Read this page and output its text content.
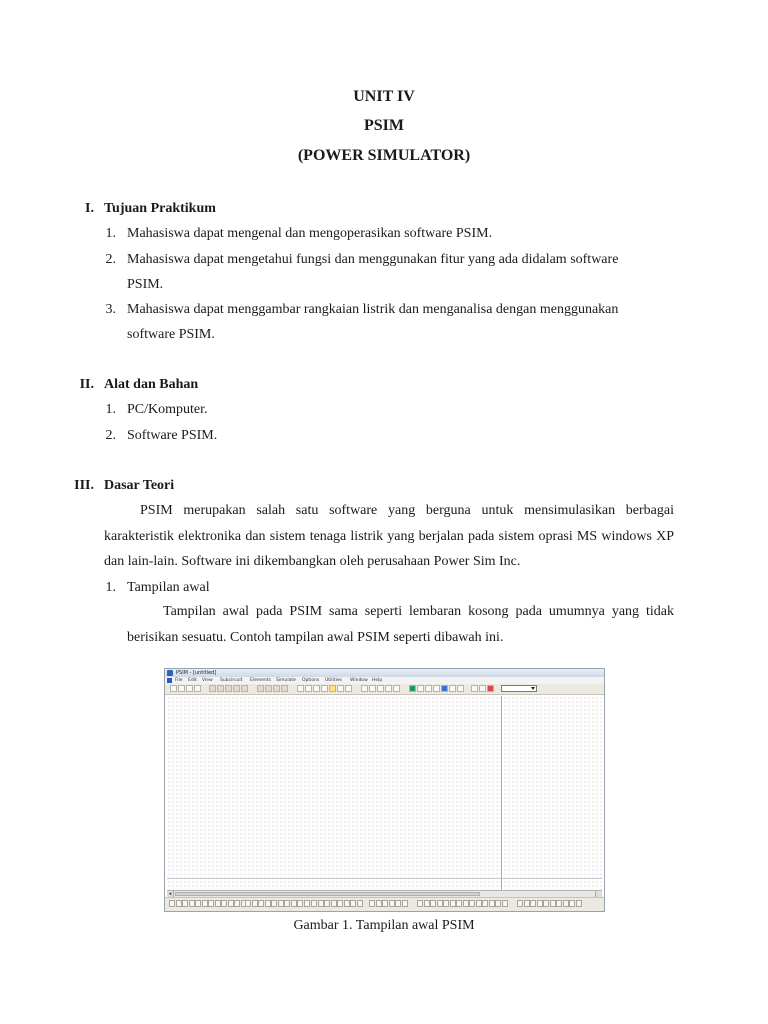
UNIT IV
PSIM
(POWER SIMULATOR)
I. Tujuan Praktikum
1. Mahasiswa dapat mengenal dan mengoperasikan software PSIM.
2. Mahasiswa dapat mengetahui fungsi dan menggunakan fitur yang ada didalam software
PSIM.
3. Mahasiswa dapat menggambar rangkaian listrik dan menganalisa dengan menggunakan
software PSIM.
II. Alat dan Bahan
1. PC/Komputer.
2. Software PSIM.
III. Dasar Teori
PSIM merupakan salah satu software yang berguna untuk mensimulasikan berbagai karakteristik elektronika dan sistem tenaga listrik yang berjalan pada sistem oprasi MS windows XP dan lain-lain. Software ini dikembangkan oleh perusahaan Power Sim Inc.
1. Tampilan awal
Tampilan awal pada PSIM sama seperti lembaran kosong pada umumnya yang tidak berisikan sesuatu. Contoh tampilan awal PSIM seperti dibawah ini.
PSIM - [untitled]
File Edit View Subcircuit Elements Simulate Options Utilities Window Help
◂
Gambar 1. Tampilan awal PSIM
